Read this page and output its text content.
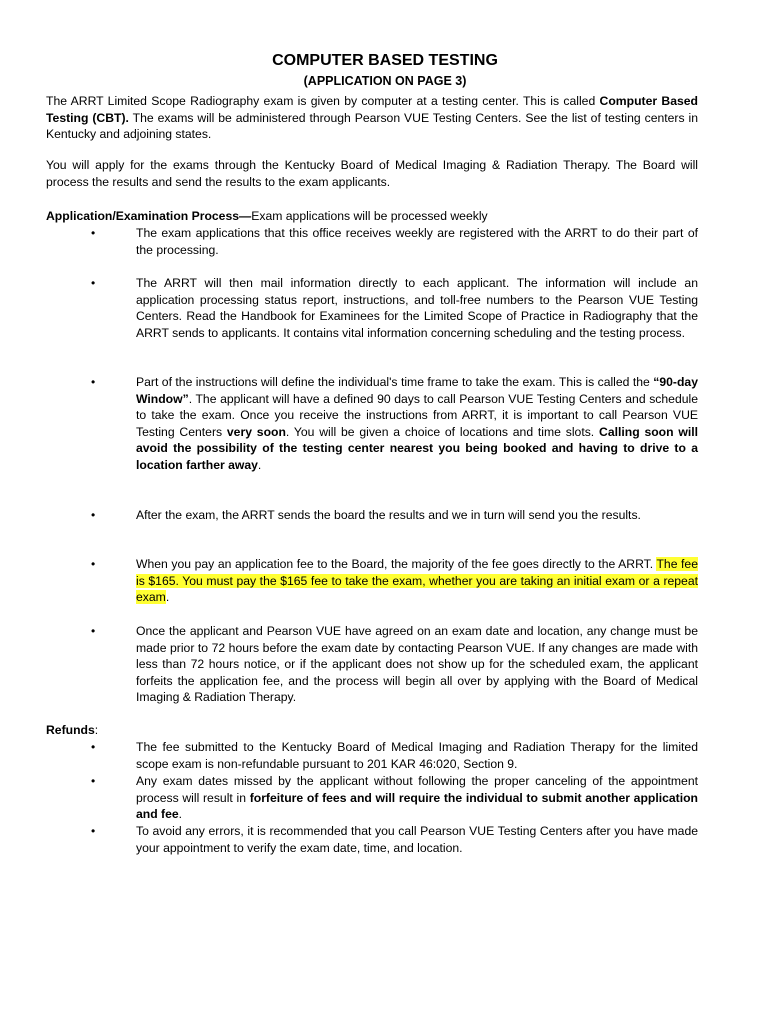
COMPUTER BASED TESTING
(APPLICATION ON PAGE 3)
The ARRT Limited Scope Radiography exam is given by computer at a testing center. This is called Computer Based Testing (CBT). The exams will be administered through Pearson VUE Testing Centers. See the list of testing centers in Kentucky and adjoining states.
You will apply for the exams through the Kentucky Board of Medical Imaging & Radiation Therapy. The Board will process the results and send the results to the exam applicants.
Application/Examination Process—Exam applications will be processed weekly
•	The exam applications that this office receives weekly are registered with the ARRT to do their part of the processing.
•	The ARRT will then mail information directly to each applicant. The information will include an application processing status report, instructions, and toll-free numbers to the Pearson VUE Testing Centers. Read the Handbook for Examinees for the Limited Scope of Practice in Radiography that the ARRT sends to applicants. It contains vital information concerning scheduling and the testing process.
•	Part of the instructions will define the individual's time frame to take the exam. This is called the “90-day Window”. The applicant will have a defined 90 days to call Pearson VUE Testing Centers and schedule to take the exam. Once you receive the instructions from ARRT, it is important to call Pearson VUE Testing Centers very soon. You will be given a choice of locations and time slots. Calling soon will avoid the possibility of the testing center nearest you being booked and having to drive to a location farther away.
•	After the exam, the ARRT sends the board the results and we in turn will send you the results.
•	When you pay an application fee to the Board, the majority of the fee goes directly to the ARRT. The fee is $165. You must pay the $165 fee to take the exam, whether you are taking an initial exam or a repeat exam.
•	Once the applicant and Pearson VUE have agreed on an exam date and location, any change must be made prior to 72 hours before the exam date by contacting Pearson VUE. If any changes are made with less than 72 hours notice, or if the applicant does not show up for the scheduled exam, the applicant forfeits the application fee, and the process will begin all over by applying with the Board of Medical Imaging & Radiation Therapy.
Refunds:
•	The fee submitted to the Kentucky Board of Medical Imaging and Radiation Therapy for the limited scope exam is non-refundable pursuant to 201 KAR 46:020, Section 9.
•	Any exam dates missed by the applicant without following the proper canceling of the appointment process will result in forfeiture of fees and will require the individual to submit another application and fee.
•	To avoid any errors, it is recommended that you call Pearson VUE Testing Centers after you have made your appointment to verify the exam date, time, and location.
